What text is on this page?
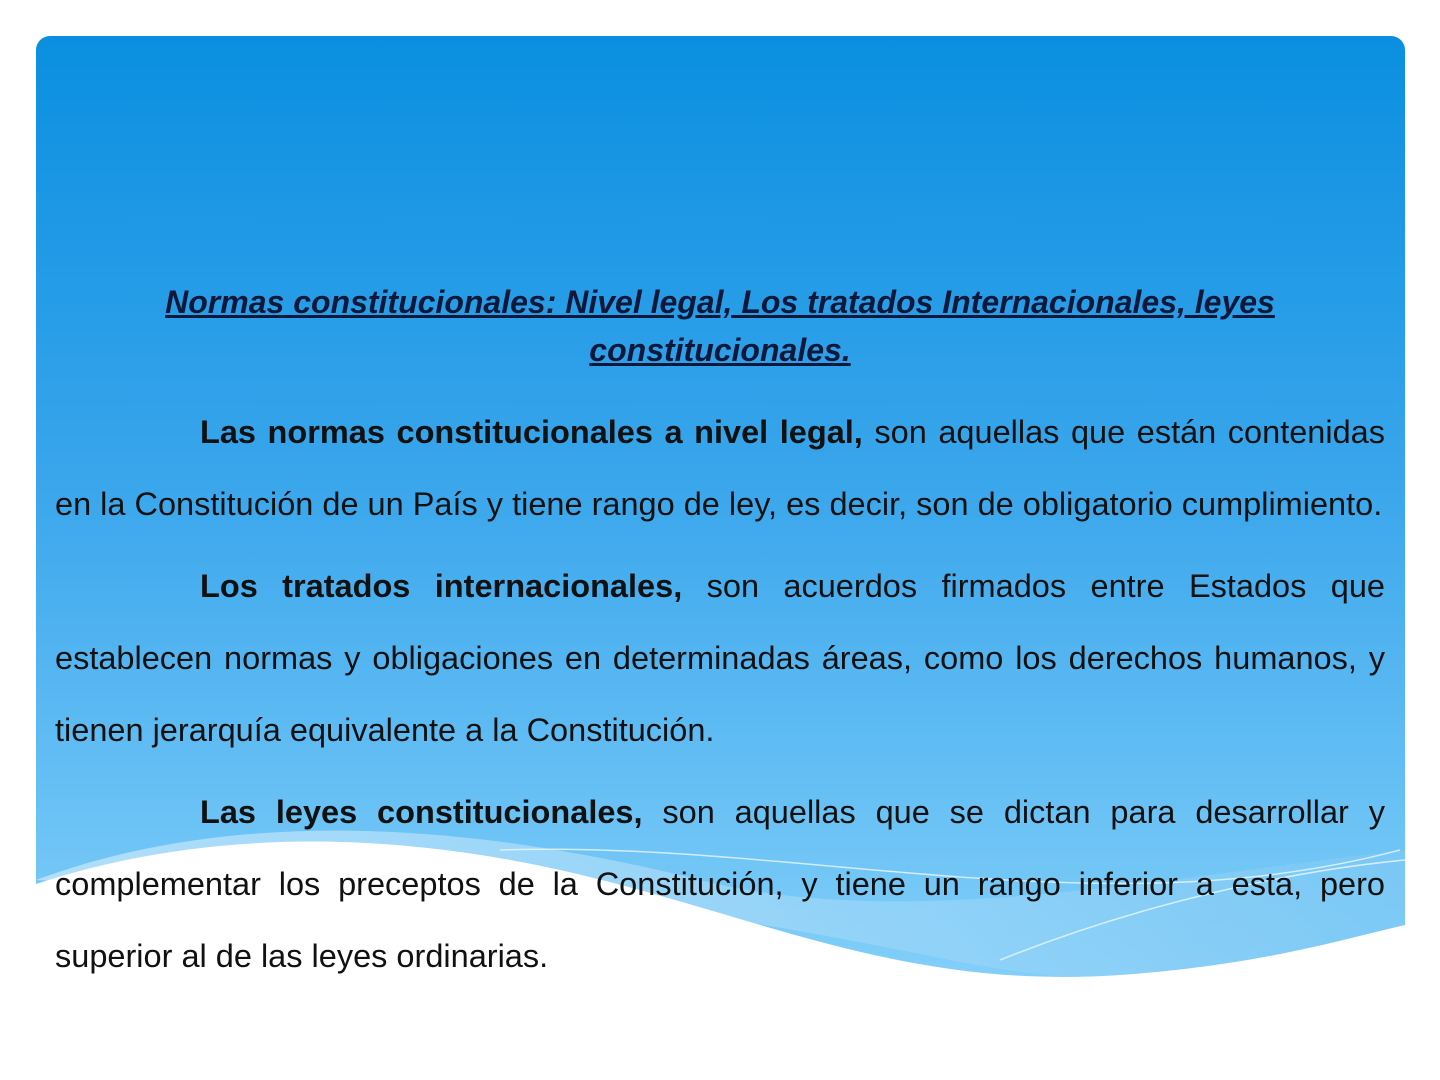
Normas constitucionales: Nivel legal, Los tratados Internacionales, leyes constitucionales.

Las normas constitucionales a nivel legal, son aquellas que están contenidas en la Constitución de un País y tiene rango de ley, es decir, son de obligatorio cumplimiento.

Los tratados internacionales, son acuerdos firmados entre Estados que establecen normas y obligaciones en determinadas áreas, como los derechos humanos, y tienen jerarquía equivalente a la Constitución.

Las leyes constitucionales, son aquellas que se dictan para desarrollar y complementar los preceptos de la Constitución, y tiene un rango inferior a esta, pero superior al de las leyes ordinarias.
